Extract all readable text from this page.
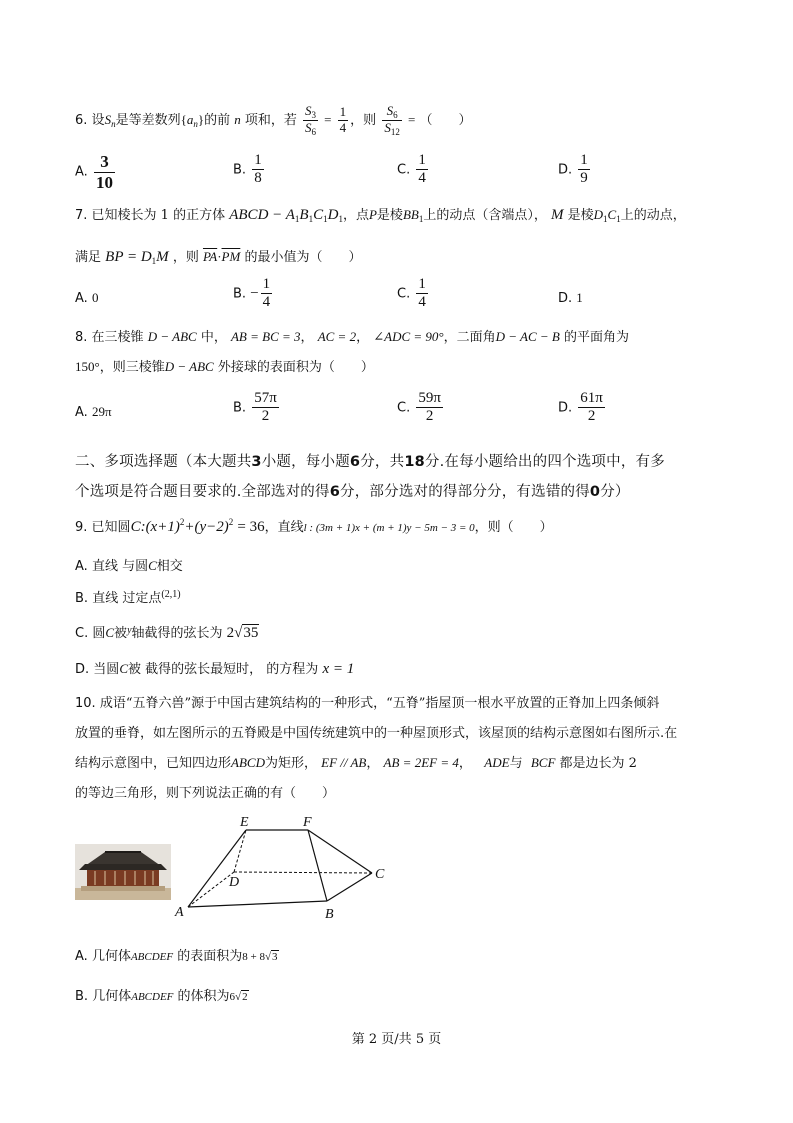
6. 设$S_n$是等差数列$\{a_n\}$的前 n 项和，若 $\frac{S_3}{S_6} = \frac{1}{4}$ ，则 $\frac{S_6}{S_{12}}$ = （　　）
A. $\frac{3}{10}$	B. $\frac{1}{8}$	C. $\frac{1}{4}$	D. $\frac{1}{9}$
7. 已知棱长为 1 的正方体 ABCD − $A_1B_1C_1D_1$，点P是棱$BB_1$上的动点（含端点）， M 是棱$D_1C_1$上的动点，
满足 BP = $D_1M$ ，则 $\overline{PA}\cdot\overline{PM}$ 的最小值为（　　）
A. 0	B. − $\frac{1}{4}$	C. $\frac{1}{4}$	D. 1
8. 在三棱锥 D − ABC 中， AB = BC = 3， AC = 2， ∠ADC = 90°，二面角D − AC − B 的平面角为
150°，则三棱锥D − ABC 外接球的表面积为（　　）
A. 29π	B. $\frac{57\pi}{2}$	C. $\frac{59\pi}{2}$	D. $\frac{61\pi}{2}$
二、多项选择题（本大题共3小题，每小题6分，共18分.在每小题给出的四个选项中，有多
个选项是符合题目要求的.全部选对的得6分，部分选对的得部分分，有选错的得0分）
9. 已知圆$C:(x+1)^2+(y-2)^2 = 36$，直线l : (3m + 1)x + (m + 1)y − 5m − 3 = 0，则（　　）
A. 直线 与圆C相交
B. 直线 过定点$^{(2,1)}$
C. 圆C被$^y$轴截得的弦长为 2√35
D. 当圆C被 截得的弦长最短时， 的方程为 x = 1
10. 成语“五脊六兽”源于中国古建筑结构的一种形式，“五脊”指屋顶一根水平放置的正脊加上四条倾斜
放置的垂脊，如左图所示的五脊殿是中国传统建筑中的一种屋顶形式，该屋顶的结构示意图如右图所示.在
结构示意图中，已知四边形ABCD为矩形， EF // AB， AB = 2EF = 4， ADE与 BCF 都是边长为 2
的等边三角形，则下列说法正确的有（　　）
E	F
D
C
A	B
A. 几何体ABCDEF 的表面积为8 + 8√3
B. 几何体ABCDEF 的体积为6√2
第 2 页/共 5 页
